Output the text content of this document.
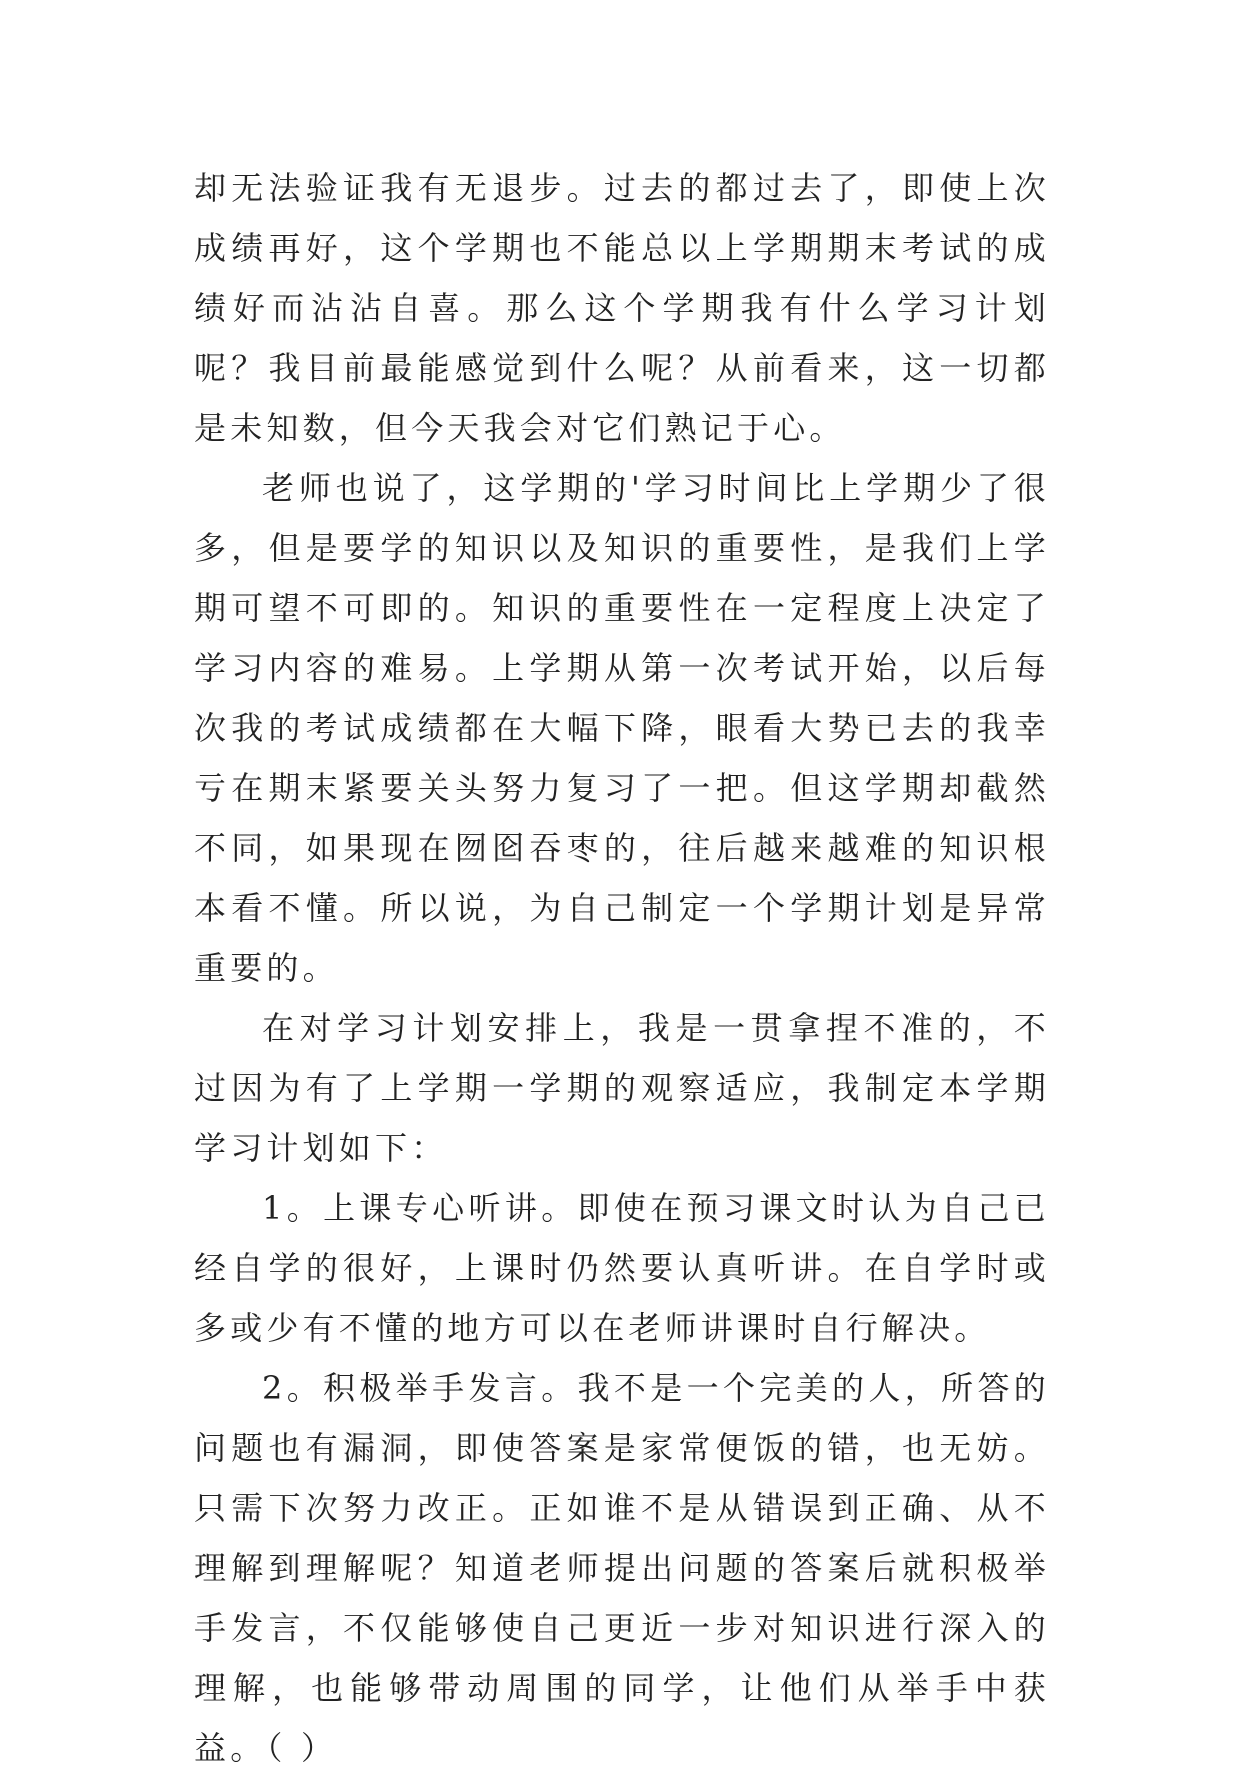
却无法验证我有无退步。过去的都过去了，即使上次成绩再好，这个学期也不能总以上学期期末考试的成绩好而沾沾自喜。那么这个学期我有什么学习计划呢？我目前最能感觉到什么呢？从前看来，这一切都是未知数，但今天我会对它们熟记于心。

老师也说了，这学期的'学习时间比上学期少了很多，但是要学的知识以及知识的重要性，是我们上学期可望不可即的。知识的重要性在一定程度上决定了学习内容的难易。上学期从第一次考试开始，以后每次我的考试成绩都在大幅下降，眼看大势已去的我幸亏在期末紧要关头努力复习了一把。但这学期却截然不同，如果现在囫囵吞枣的，往后越来越难的知识根本看不懂。所以说，为自己制定一个学期计划是异常重要的。

在对学习计划安排上，我是一贯拿捏不准的，不过因为有了上学期一学期的观察适应，我制定本学期学习计划如下：

1。上课专心听讲。即使在预习课文时认为自己已经自学的很好，上课时仍然要认真听讲。在自学时或多或少有不懂的地方可以在老师讲课时自行解决。

2。积极举手发言。我不是一个完美的人，所答的问题也有漏洞，即使答案是家常便饭的错，也无妨。只需下次努力改正。正如谁不是从错误到正确、从不理解到理解呢？知道老师提出问题的答案后就积极举手发言，不仅能够使自己更近一步对知识进行深入的理解，也能够带动周围的同学，让他们从举手中获益。（ ）
